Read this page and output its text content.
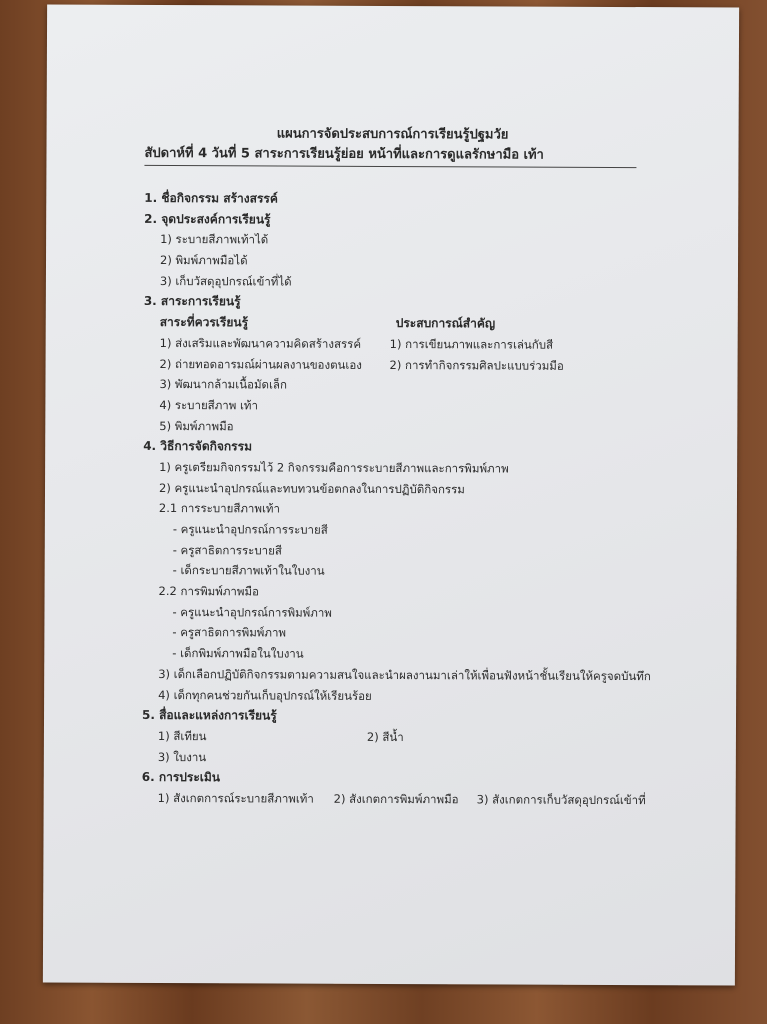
แผนการจัดประสบการณ์การเรียนรู้ปฐมวัย
สัปดาห์ที่ 4 วันที่ 5 สาระการเรียนรู้ย่อย หน้าที่และการดูแลรักษามือ เท้า
1. ชื่อกิจกรรม สร้างสรรค์
2. จุดประสงค์การเรียนรู้
1) ระบายสีภาพเท้าได้
2) พิมพ์ภาพมือได้
3) เก็บวัสดุอุปกรณ์เข้าที่ได้
3. สาระการเรียนรู้
สาระที่ควรเรียนรู้	ประสบการณ์สำคัญ
1) ส่งเสริมและพัฒนาความคิดสร้างสรรค์ 1) การเขียนภาพและการเล่นกับสี
2) ถ่ายทอดอารมณ์ผ่านผลงานของตนเอง 2) การทำกิจกรรมศิลปะแบบร่วมมือ
3) พัฒนากล้ามเนื้อมัดเล็ก
4) ระบายสีภาพ เท้า
5) พิมพ์ภาพมือ
4. วิธีการจัดกิจกรรม
1) ครูเตรียมกิจกรรมไว้ 2 กิจกรรมคือการระบายสีภาพและการพิมพ์ภาพ
2) ครูแนะนำอุปกรณ์และทบทวนข้อตกลงในการปฏิบัติกิจกรรม
2.1 การระบายสีภาพเท้า
- ครูแนะนำอุปกรณ์การระบายสี
- ครูสาธิตการระบายสี
- เด็กระบายสีภาพเท้าในใบงาน
2.2 การพิมพ์ภาพมือ
- ครูแนะนำอุปกรณ์การพิมพ์ภาพ
- ครูสาธิตการพิมพ์ภาพ
- เด็กพิมพ์ภาพมือในใบงาน
3) เด็กเลือกปฏิบัติกิจกรรมตามความสนใจและนำผลงานมาเล่าให้เพื่อนฟังหน้าชั้นเรียนให้ครูจดบันทึก
4) เด็กทุกคนช่วยกันเก็บอุปกรณ์ให้เรียนร้อย
5. สื่อและแหล่งการเรียนรู้
1) สีเทียน	2) สีน้ำ
3) ใบงาน
6. การประเมิน
1) สังเกตการณ์ระบายสีภาพเท้า 2) สังเกตการพิมพ์ภาพมือ 3) สังเกตการเก็บวัสดุอุปกรณ์เข้าที่
